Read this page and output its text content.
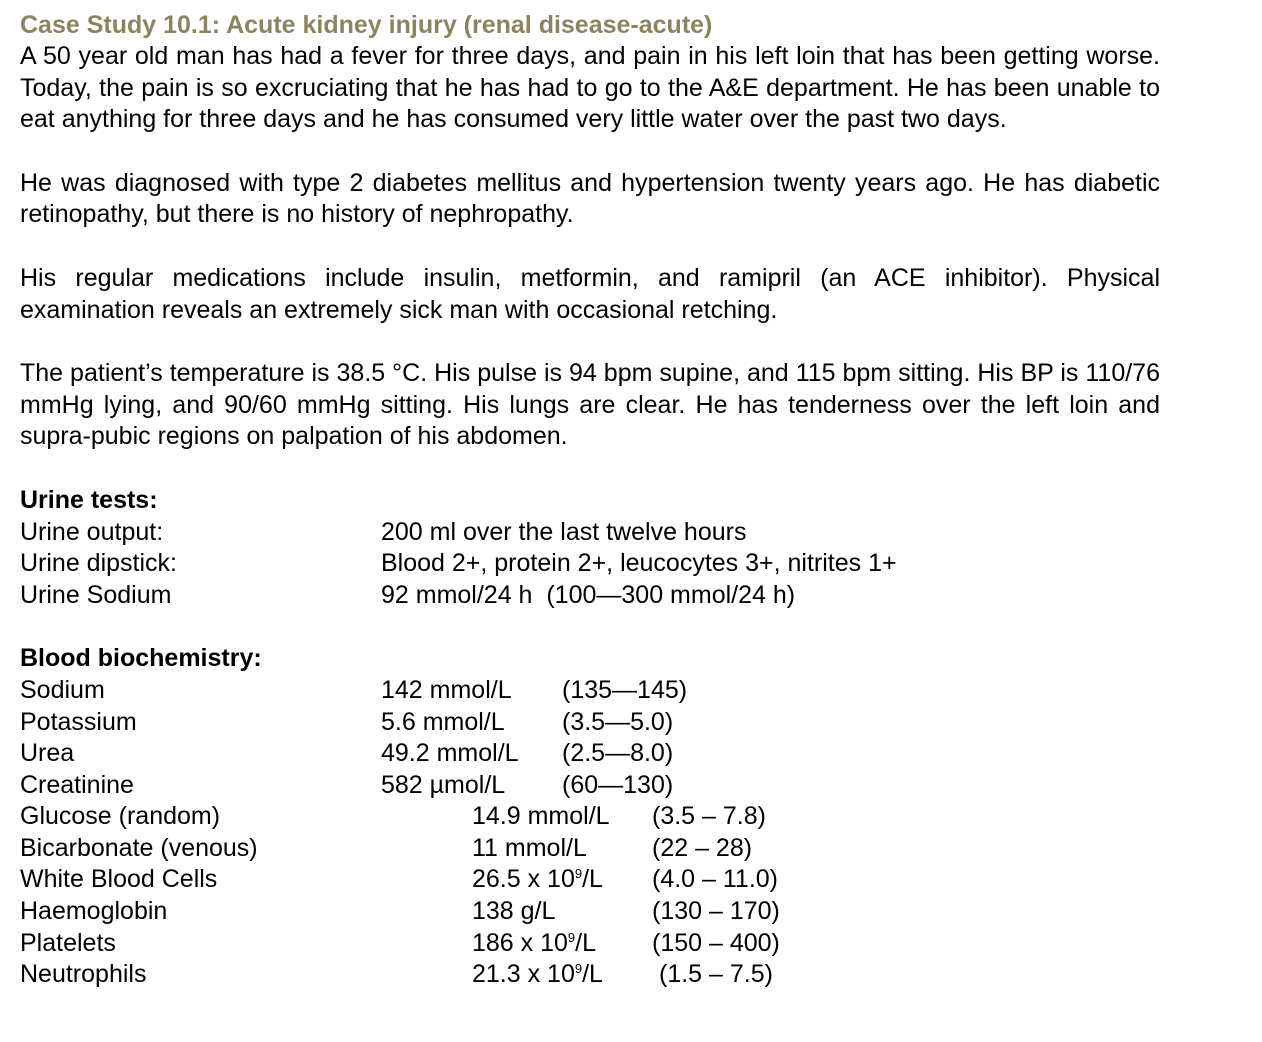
Case Study 10.1: Acute kidney injury (renal disease-acute)

A 50 year old man has had a fever for three days, and pain in his left loin that has been getting worse. Today, the pain is so excruciating that he has had to go to the A&E department. He has been unable to eat anything for three days and he has consumed very little water over the past two days.

He was diagnosed with type 2 diabetes mellitus and hypertension twenty years ago. He has diabetic retinopathy, but there is no history of nephropathy.

His regular medications include insulin, metformin, and ramipril (an ACE inhibitor). Physical examination reveals an extremely sick man with occasional retching.

The patient’s temperature is 38.5 °C. His pulse is 94 bpm supine, and 115 bpm sitting. His BP is 110/76 mmHg lying, and 90/60 mmHg sitting. His lungs are clear. He has tenderness over the left loin and supra-pubic regions on palpation of his abdomen.

Urine tests:
Urine output:	200 ml over the last twelve hours
Urine dipstick:	Blood 2+, protein 2+, leucocytes 3+, nitrites 1+
Urine Sodium	92 mmol/24 h  (100—300 mmol/24 h)
Blood biochemistry:
Sodium	142 mmol/L (135—145)
Potassium	5.6 mmol/L (3.5—5.0)
Urea	49.2 mmol/L (2.5—8.0)
Creatinine	582 µmol/L (60—130)
Glucose (random)	14.9 mmol/L (3.5 – 7.8)
Bicarbonate (venous)	11 mmol/L	(22 – 28)
White Blood Cells	26.5 x $10^9/L$ (4.0 – 11.0)
Haemoglobin	138 g/L	(130 – 170)
Platelets	186 x $10^9/L$ (150 – 400)
Neutrophils	21.3 x $10^9/L$ (1.5 – 7.5)
